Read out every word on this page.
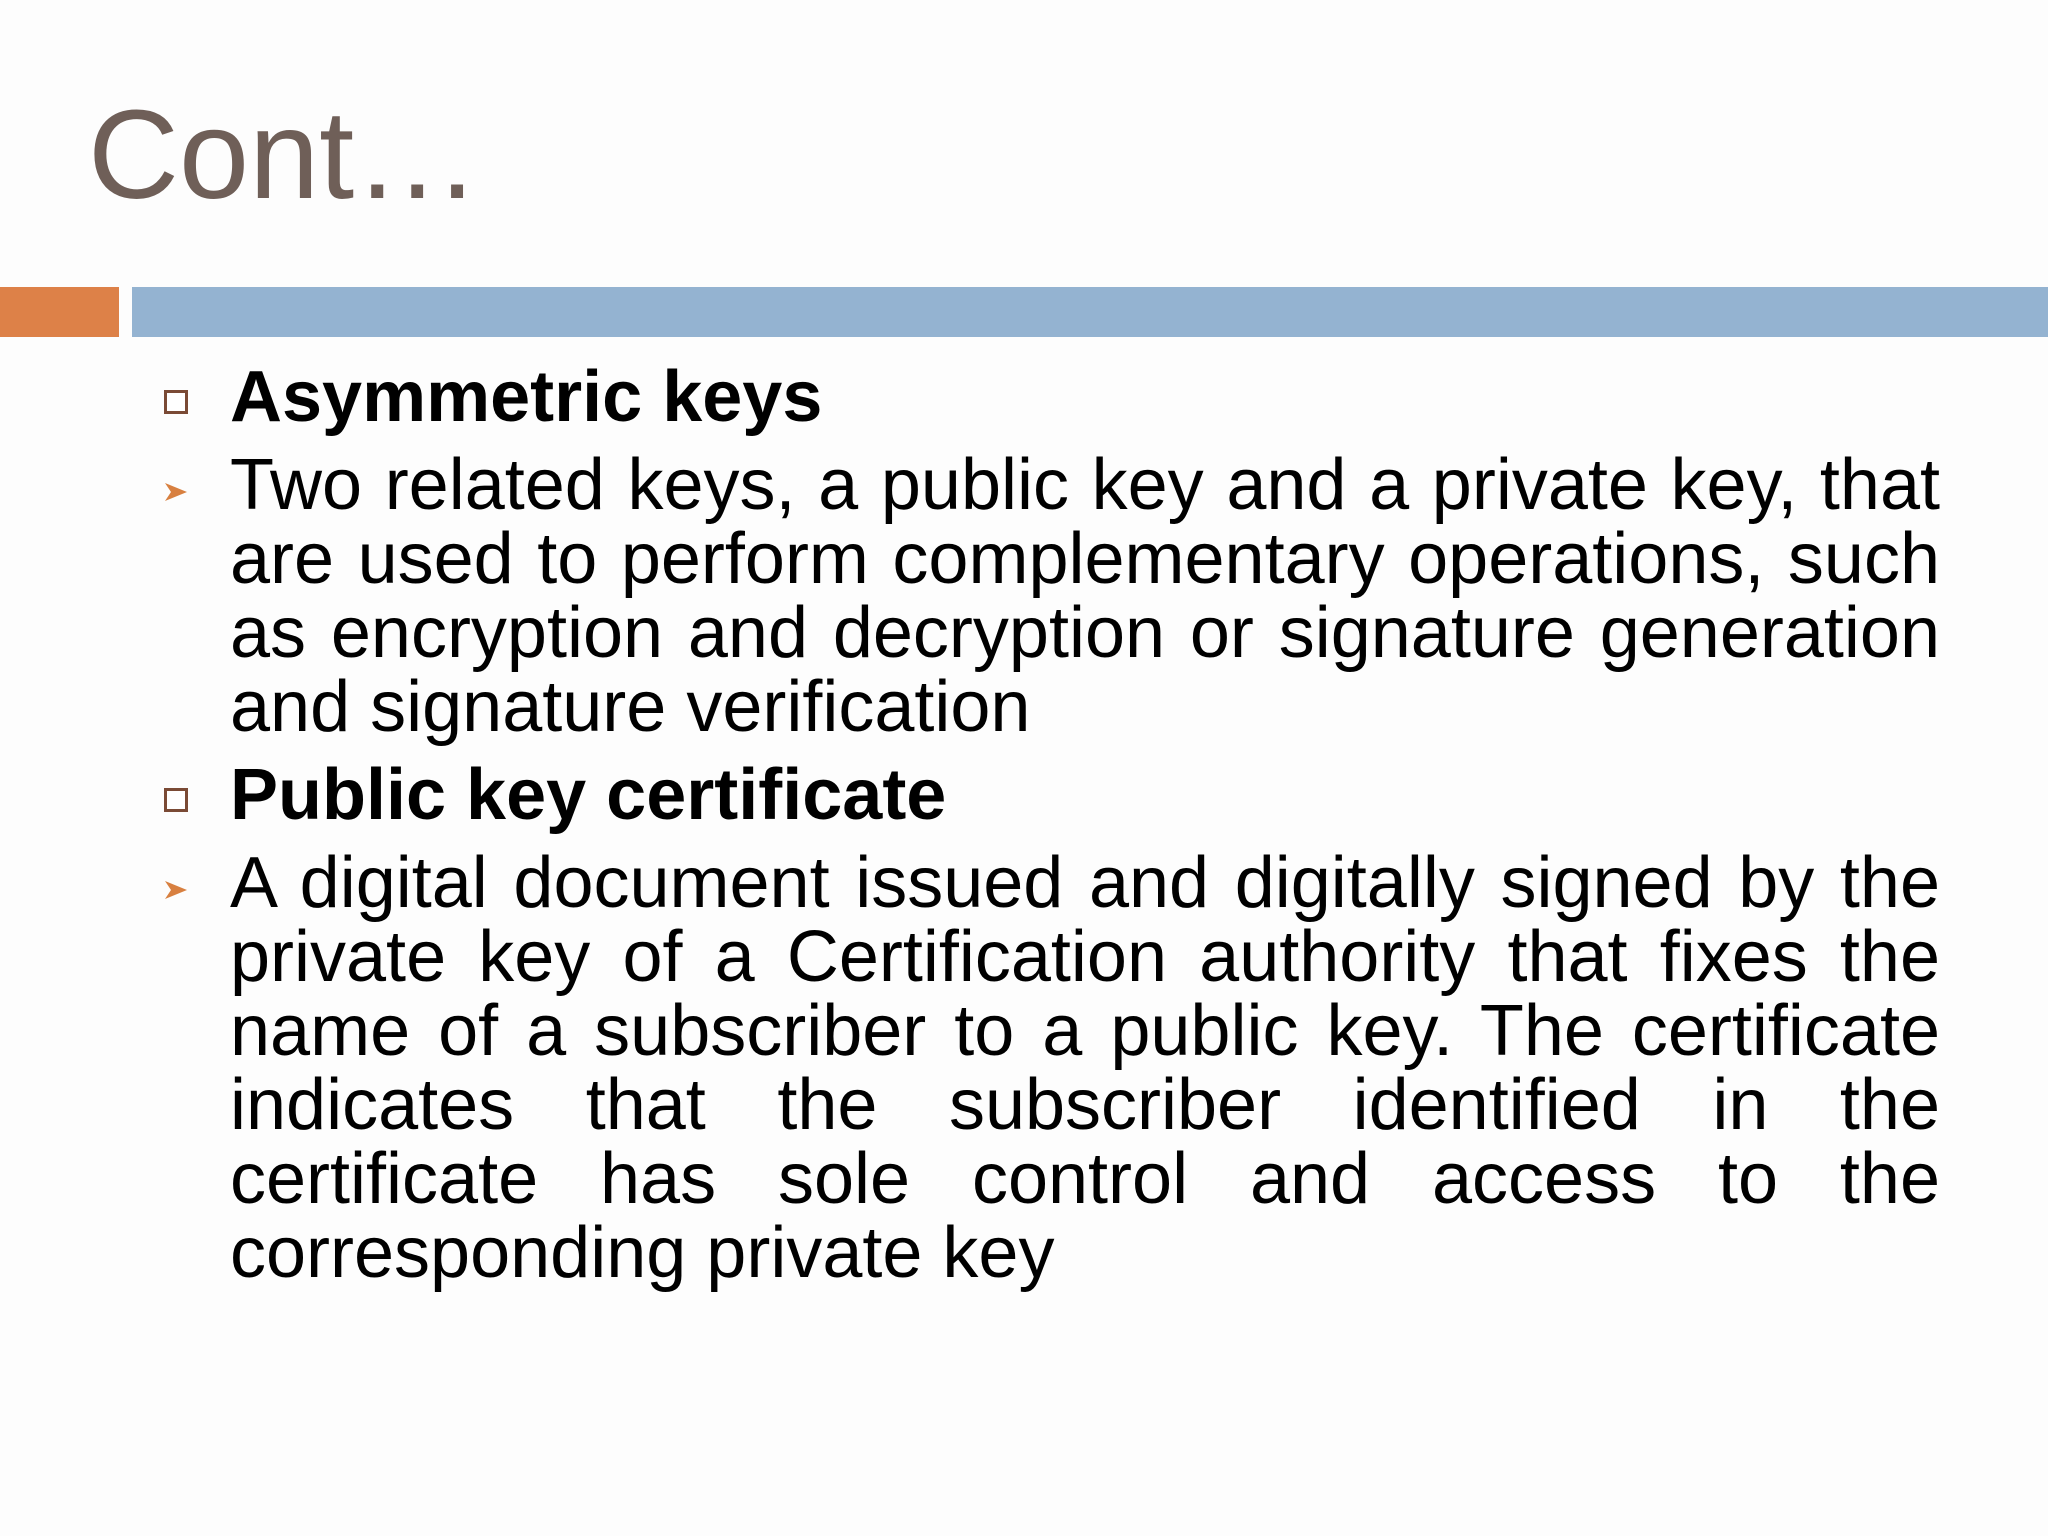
Cont…
Asymmetric keys
Two related keys, a public key and a private key, that are used to perform complementary operations, such as encryption and decryption or signature generation and signature verification
Public key certificate
A digital document issued and digitally signed by the private key of a Certification authority that fixes the name of a subscriber to a public key. The certificate indicates that the subscriber identified in the certificate has sole control and access to the corresponding private key
